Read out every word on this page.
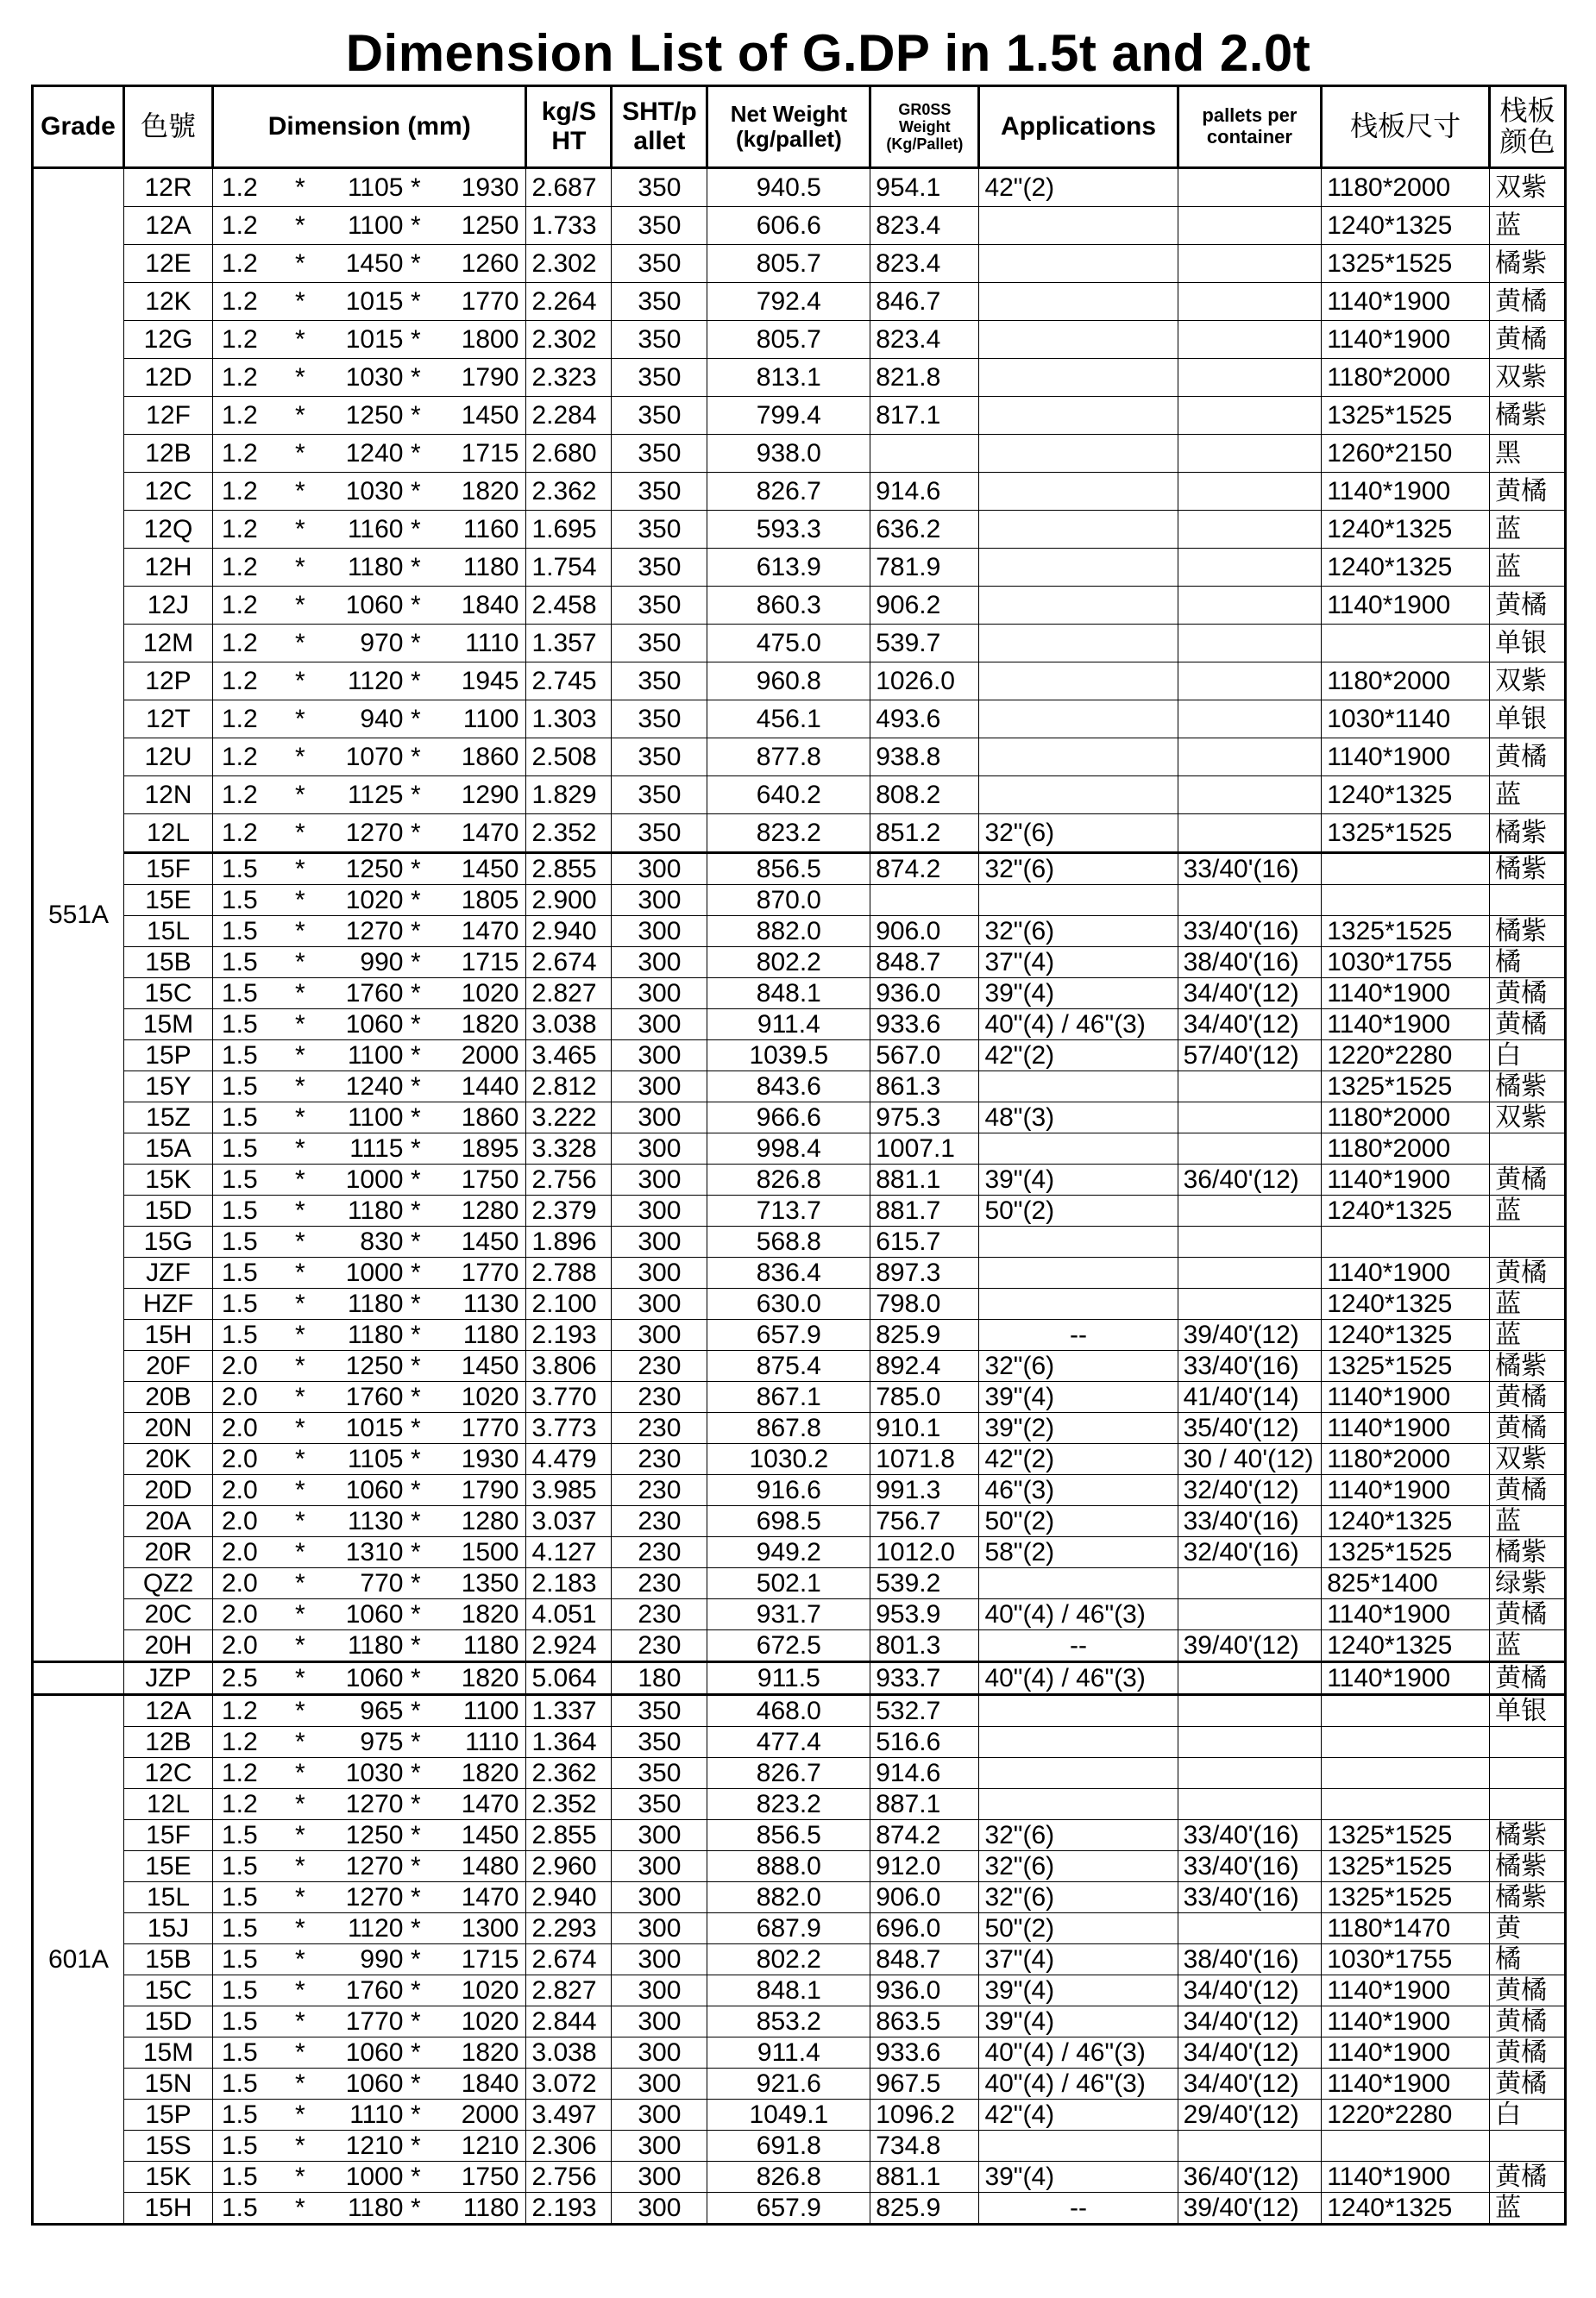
Dimension List of G.DP in 1.5t and 2.0t
Grade	色號	Dimension (mm)	kg/SHT	SHT/pallet	Net Weight (kg/pallet)	GR0SS Weight (Kg/Pallet)	Applications	pallets per container	栈板尺寸	栈板颜色
551A	12R	1.2 * 1105 * 1930	2.687	350	940.5	954.1	42"(2)		1180*2000	双紫
	12A	1.2 * 1100 * 1250	1.733	350	606.6	823.4			1240*1325	蓝
	12E	1.2 * 1450 * 1260	2.302	350	805.7	823.4			1325*1525	橘紫
	12K	1.2 * 1015 * 1770	2.264	350	792.4	846.7			1140*1900	黄橘
	12G	1.2 * 1015 * 1800	2.302	350	805.7	823.4			1140*1900	黄橘
	12D	1.2 * 1030 * 1790	2.323	350	813.1	821.8			1180*2000	双紫
	12F	1.2 * 1250 * 1450	2.284	350	799.4	817.1			1325*1525	橘紫
	12B	1.2 * 1240 * 1715	2.680	350	938.0				1260*2150	黑
	12C	1.2 * 1030 * 1820	2.362	350	826.7	914.6			1140*1900	黄橘
	12Q	1.2 * 1160 * 1160	1.695	350	593.3	636.2			1240*1325	蓝
	12H	1.2 * 1180 * 1180	1.754	350	613.9	781.9			1240*1325	蓝
	12J	1.2 * 1060 * 1840	2.458	350	860.3	906.2			1140*1900	黄橘
	12M	1.2 * 970 * 1110	1.357	350	475.0	539.7				单银
	12P	1.2 * 1120 * 1945	2.745	350	960.8	1026.0			1180*2000	双紫
	12T	1.2 * 940 * 1100	1.303	350	456.1	493.6			1030*1140	单银
	12U	1.2 * 1070 * 1860	2.508	350	877.8	938.8			1140*1900	黄橘
	12N	1.2 * 1125 * 1290	1.829	350	640.2	808.2			1240*1325	蓝
	12L	1.2 * 1270 * 1470	2.352	350	823.2	851.2	32"(6)		1325*1525	橘紫
	15F	1.5 * 1250 * 1450	2.855	300	856.5	874.2	32"(6)	33/40'(16)		橘紫
	15E	1.5 * 1020 * 1805	2.900	300	870.0					
	15L	1.5 * 1270 * 1470	2.940	300	882.0	906.0	32"(6)	33/40'(16)	1325*1525	橘紫
	15B	1.5 * 990 * 1715	2.674	300	802.2	848.7	37"(4)	38/40'(16)	1030*1755	橘
	15C	1.5 * 1760 * 1020	2.827	300	848.1	936.0	39"(4)	34/40'(12)	1140*1900	黄橘
	15M	1.5 * 1060 * 1820	3.038	300	911.4	933.6	40"(4) / 46"(3)	34/40'(12)	1140*1900	黄橘
	15P	1.5 * 1100 * 2000	3.465	300	1039.5	567.0	42"(2)	57/40'(12)	1220*2280	白
	15Y	1.5 * 1240 * 1440	2.812	300	843.6	861.3			1325*1525	橘紫
	15Z	1.5 * 1100 * 1860	3.222	300	966.6	975.3	48"(3)		1180*2000	双紫
	15A	1.5 * 1115 * 1895	3.328	300	998.4	1007.1			1180*2000	
	15K	1.5 * 1000 * 1750	2.756	300	826.8	881.1	39"(4)	36/40'(12)	1140*1900	黄橘
	15D	1.5 * 1180 * 1280	2.379	300	713.7	881.7	50"(2)		1240*1325	蓝
	15G	1.5 * 830 * 1450	1.896	300	568.8	615.7				
	JZF	1.5 * 1000 * 1770	2.788	300	836.4	897.3			1140*1900	黄橘
	HZF	1.5 * 1180 * 1130	2.100	300	630.0	798.0			1240*1325	蓝
	15H	1.5 * 1180 * 1180	2.193	300	657.9	825.9	--	39/40'(12)	1240*1325	蓝
	20F	2.0 * 1250 * 1450	3.806	230	875.4	892.4	32"(6)	33/40'(16)	1325*1525	橘紫
	20B	2.0 * 1760 * 1020	3.770	230	867.1	785.0	39"(4)	41/40'(14)	1140*1900	黄橘
	20N	2.0 * 1015 * 1770	3.773	230	867.8	910.1	39"(2)	35/40'(12)	1140*1900	黄橘
	20K	2.0 * 1105 * 1930	4.479	230	1030.2	1071.8	42"(2)	30 / 40'(12)	1180*2000	双紫
	20D	2.0 * 1060 * 1790	3.985	230	916.6	991.3	46"(3)	32/40'(12)	1140*1900	黄橘
	20A	2.0 * 1130 * 1280	3.037	230	698.5	756.7	50"(2)	33/40'(16)	1240*1325	蓝
	20R	2.0 * 1310 * 1500	4.127	230	949.2	1012.0	58"(2)	32/40'(16)	1325*1525	橘紫
	QZ2	2.0 * 770 * 1350	2.183	230	502.1	539.2			825*1400	绿紫
	20C	2.0 * 1060 * 1820	4.051	230	931.7	953.9	40"(4) / 46"(3)		1140*1900	黄橘
	20H	2.0 * 1180 * 1180	2.924	230	672.5	801.3	--	39/40'(12)	1240*1325	蓝
	JZP	2.5 * 1060 * 1820	5.064	180	911.5	933.7	40"(4) / 46"(3)		1140*1900	黄橘
601A	12A	1.2 * 965 * 1100	1.337	350	468.0	532.7				单银
	12B	1.2 * 975 * 1110	1.364	350	477.4	516.6				
	12C	1.2 * 1030 * 1820	2.362	350	826.7	914.6				
	12L	1.2 * 1270 * 1470	2.352	350	823.2	887.1				
	15F	1.5 * 1250 * 1450	2.855	300	856.5	874.2	32"(6)	33/40'(16)	1325*1525	橘紫
	15E	1.5 * 1270 * 1480	2.960	300	888.0	912.0	32"(6)	33/40'(16)	1325*1525	橘紫
	15L	1.5 * 1270 * 1470	2.940	300	882.0	906.0	32"(6)	33/40'(16)	1325*1525	橘紫
	15J	1.5 * 1120 * 1300	2.293	300	687.9	696.0	50"(2)		1180*1470	黄
	15B	1.5 * 990 * 1715	2.674	300	802.2	848.7	37"(4)	38/40'(16)	1030*1755	橘
	15C	1.5 * 1760 * 1020	2.827	300	848.1	936.0	39"(4)	34/40'(12)	1140*1900	黄橘
	15D	1.5 * 1770 * 1020	2.844	300	853.2	863.5	39"(4)	34/40'(12)	1140*1900	黄橘
	15M	1.5 * 1060 * 1820	3.038	300	911.4	933.6	40"(4) / 46"(3)	34/40'(12)	1140*1900	黄橘
	15N	1.5 * 1060 * 1840	3.072	300	921.6	967.5	40"(4) / 46"(3)	34/40'(12)	1140*1900	黄橘
	15P	1.5 * 1110 * 2000	3.497	300	1049.1	1096.2	42"(4)	29/40'(12)	1220*2280	白
	15S	1.5 * 1210 * 1210	2.306	300	691.8	734.8				
	15K	1.5 * 1000 * 1750	2.756	300	826.8	881.1	39"(4)	36/40'(12)	1140*1900	黄橘
	15H	1.5 * 1180 * 1180	2.193	300	657.9	825.9	--	39/40'(12)	1240*1325	蓝
